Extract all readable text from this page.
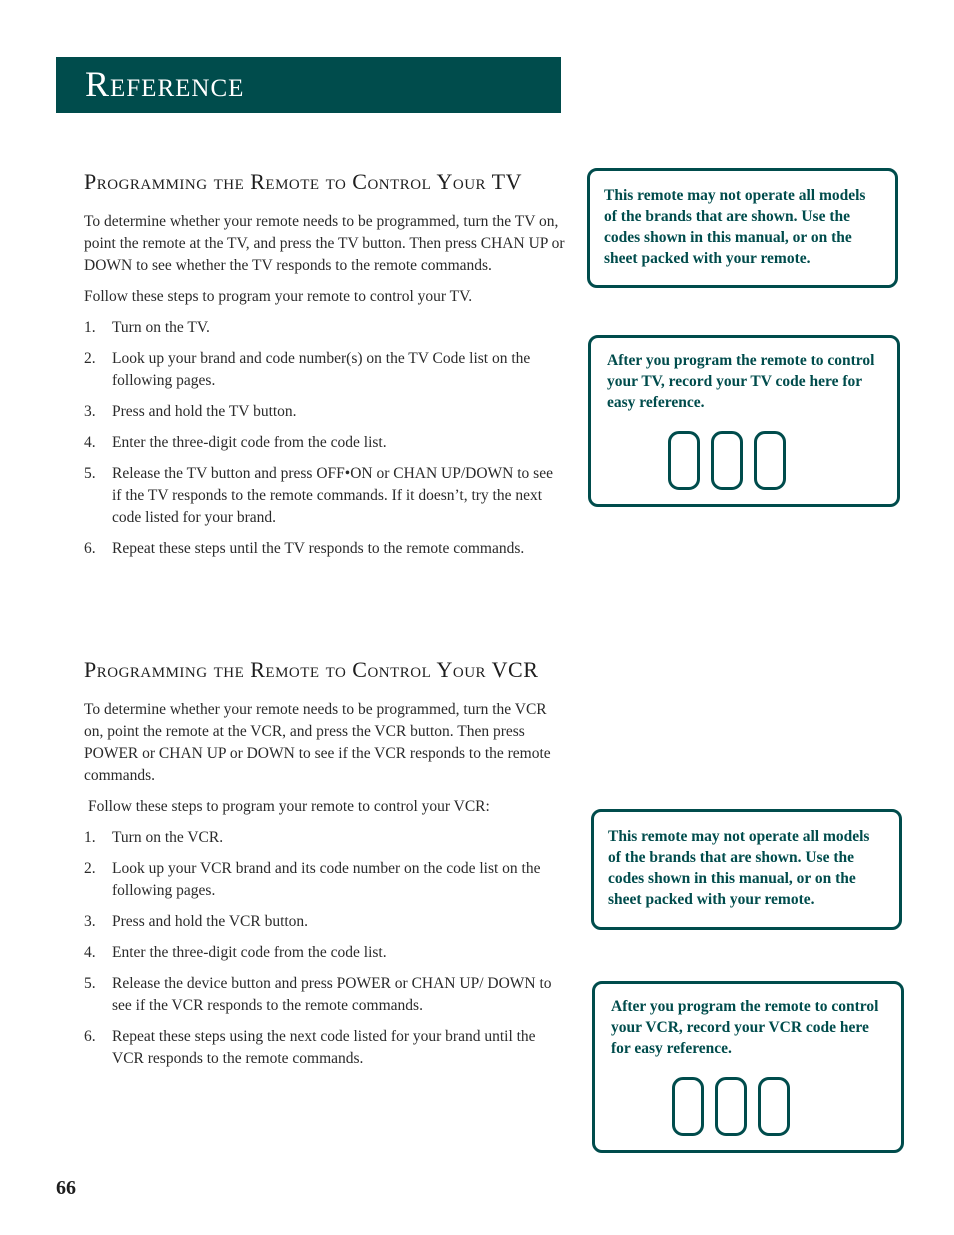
Reference
Programming the Remote to Control Your TV

To determine whether your remote needs to be programmed, turn the TV on, point the remote at the TV, and press the TV button. Then press CHAN UP or DOWN to see whether the TV responds to the remote commands.

Follow these steps to program your remote to control your TV.

1. Turn on the TV.
2. Look up your brand and code number(s) on the TV Code list on the following pages.
3. Press and hold the TV button.
4. Enter the three-digit code from the code list.
5. Release the TV button and press OFF•ON or CHAN UP/DOWN to see if the TV responds to the remote commands. If it doesn’t, try the next code listed for your brand.
6. Repeat these steps until the TV responds to the remote commands.
Programming the Remote to Control Your VCR

To determine whether your remote needs to be programmed, turn the VCR on, point the remote at the VCR, and press the VCR button. Then press POWER or CHAN UP or DOWN to see if the VCR responds to the remote commands.

Follow these steps to program your remote to control your VCR:

1. Turn on the VCR.
2. Look up your VCR brand and its code number on the code list on the following pages.
3. Press and hold the VCR button.
4. Enter the three-digit code from the code list.
5. Release the device button and press POWER or CHAN UP/ DOWN to see if the VCR responds to the remote commands.
6. Repeat these steps using the next code listed for your brand until the VCR responds to the remote commands.

This remote may not operate all models of the brands that are shown. Use the codes shown in this manual, or on the sheet packed with your remote.

After you program the remote to control your TV, record your TV code here for easy reference.

This remote may not operate all models of the brands that are shown. Use the codes shown in this manual, or on the sheet packed with your remote.

After you program the remote to control your VCR, record your VCR code here for easy reference.

66
